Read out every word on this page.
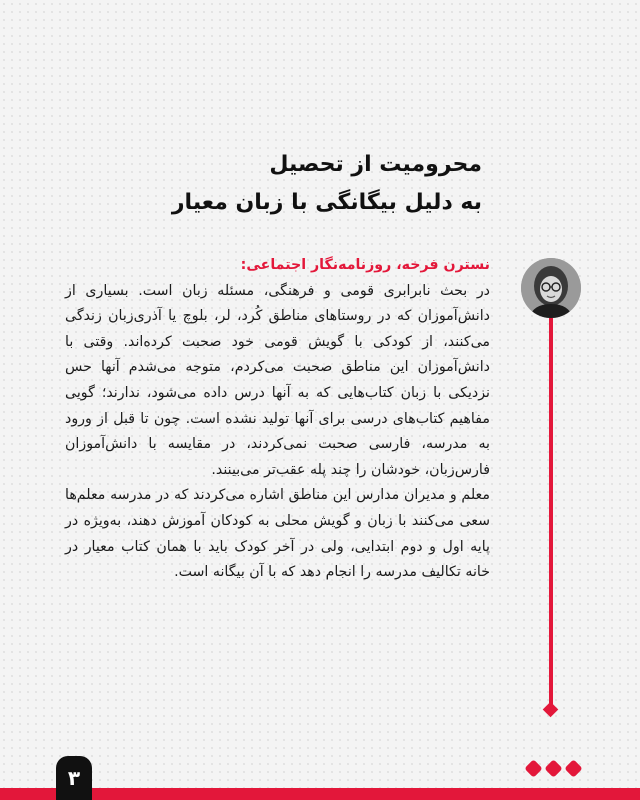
محرومیت از تحصیل
به دلیل بیگانگی با زبان معیار
نسترن فرخه، روزنامه‌نگار اجتماعی:
در بحث نابرابری قومی و فرهنگی، مسئله زبان است. بسیاری از دانش‌آموزان که در روستاهای مناطق کُرد، لر، بلوچ یا آذری‌زبان زندگی می‌کنند، از کودکی با گویش قومی خود صحبت کرده‌اند. وقتی با دانش‌آموزان این مناطق صحبت می‌کردم، متوجه می‌شدم آنها حس نزدیکی با زبان کتاب‌هایی که به آنها درس داده می‌شود، ندارند؛ گویی مفاهیم کتاب‌های درسی برای آنها تولید نشده است. چون تا قبل از ورود به مدرسه، فارسی صحبت نمی‌کردند، در مقایسه با دانش‌آموزان فارس‌زبان، خودشان را چند پله عقب‌تر می‌بینند.
معلم و مدیران مدارس این مناطق اشاره می‌کردند که در مدرسه معلم‌ها سعی می‌کنند با زبان و گویش محلی به کودکان آموزش دهند، به‌ویژه در پایه اول و دوم ابتدایی، ولی در آخر کودک باید با همان کتاب معیار در خانه تکالیف مدرسه را انجام دهد که با آن بیگانه است.
۳
